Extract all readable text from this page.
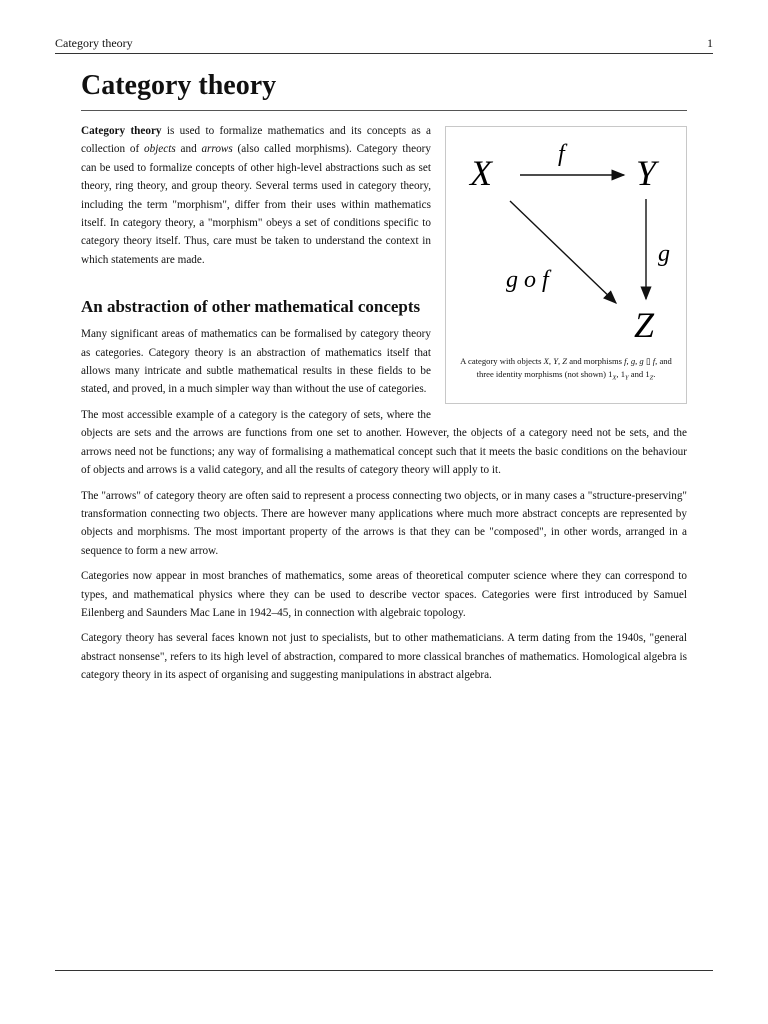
Category theory	1
Category theory
X	Y
Z
f
g
g o f
A category with objects X, Y, Z and morphisms f, g, g ▯ f, and three identity morphisms (not shown) $1_X$, $1_Y$ and $1_Z$.

Category theory is used to formalize mathematics and its concepts as a collection of objects and arrows (also called morphisms). Category theory can be used to formalize concepts of other high-level abstractions such as set theory, ring theory, and group theory. Several terms used in category theory, including the term "morphism", differ from their uses within mathematics itself. In category theory, a "morphism" obeys a set of conditions specific to category theory itself. Thus, care must be taken to understand the context in which statements are made.

An abstraction of other mathematical concepts

Many significant areas of mathematics can be formalised by category theory as categories. Category theory is an abstraction of mathematics itself that allows many intricate and subtle mathematical results in these fields to be stated, and proved, in a much simpler way than without the use of categories.

The most accessible example of a category is the category of sets, where the objects are sets and the arrows are functions from one set to another. However, the objects of a category need not be sets, and the arrows need not be functions; any way of formalising a mathematical concept such that it meets the basic conditions on the behaviour of objects and arrows is a valid category, and all the results of category theory will apply to it.

The "arrows" of category theory are often said to represent a process connecting two objects, or in many cases a "structure-preserving" transformation connecting two objects. There are however many applications where much more abstract concepts are represented by objects and morphisms. The most important property of the arrows is that they can be "composed", in other words, arranged in a sequence to form a new arrow.

Categories now appear in most branches of mathematics, some areas of theoretical computer science where they can correspond to types, and mathematical physics where they can be used to describe vector spaces. Categories were first introduced by Samuel Eilenberg and Saunders Mac Lane in 1942–45, in connection with algebraic topology.

Category theory has several faces known not just to specialists, but to other mathematicians. A term dating from the 1940s, "general abstract nonsense", refers to its high level of abstraction, compared to more classical branches of mathematics. Homological algebra is category theory in its aspect of organising and suggesting manipulations in abstract algebra.
